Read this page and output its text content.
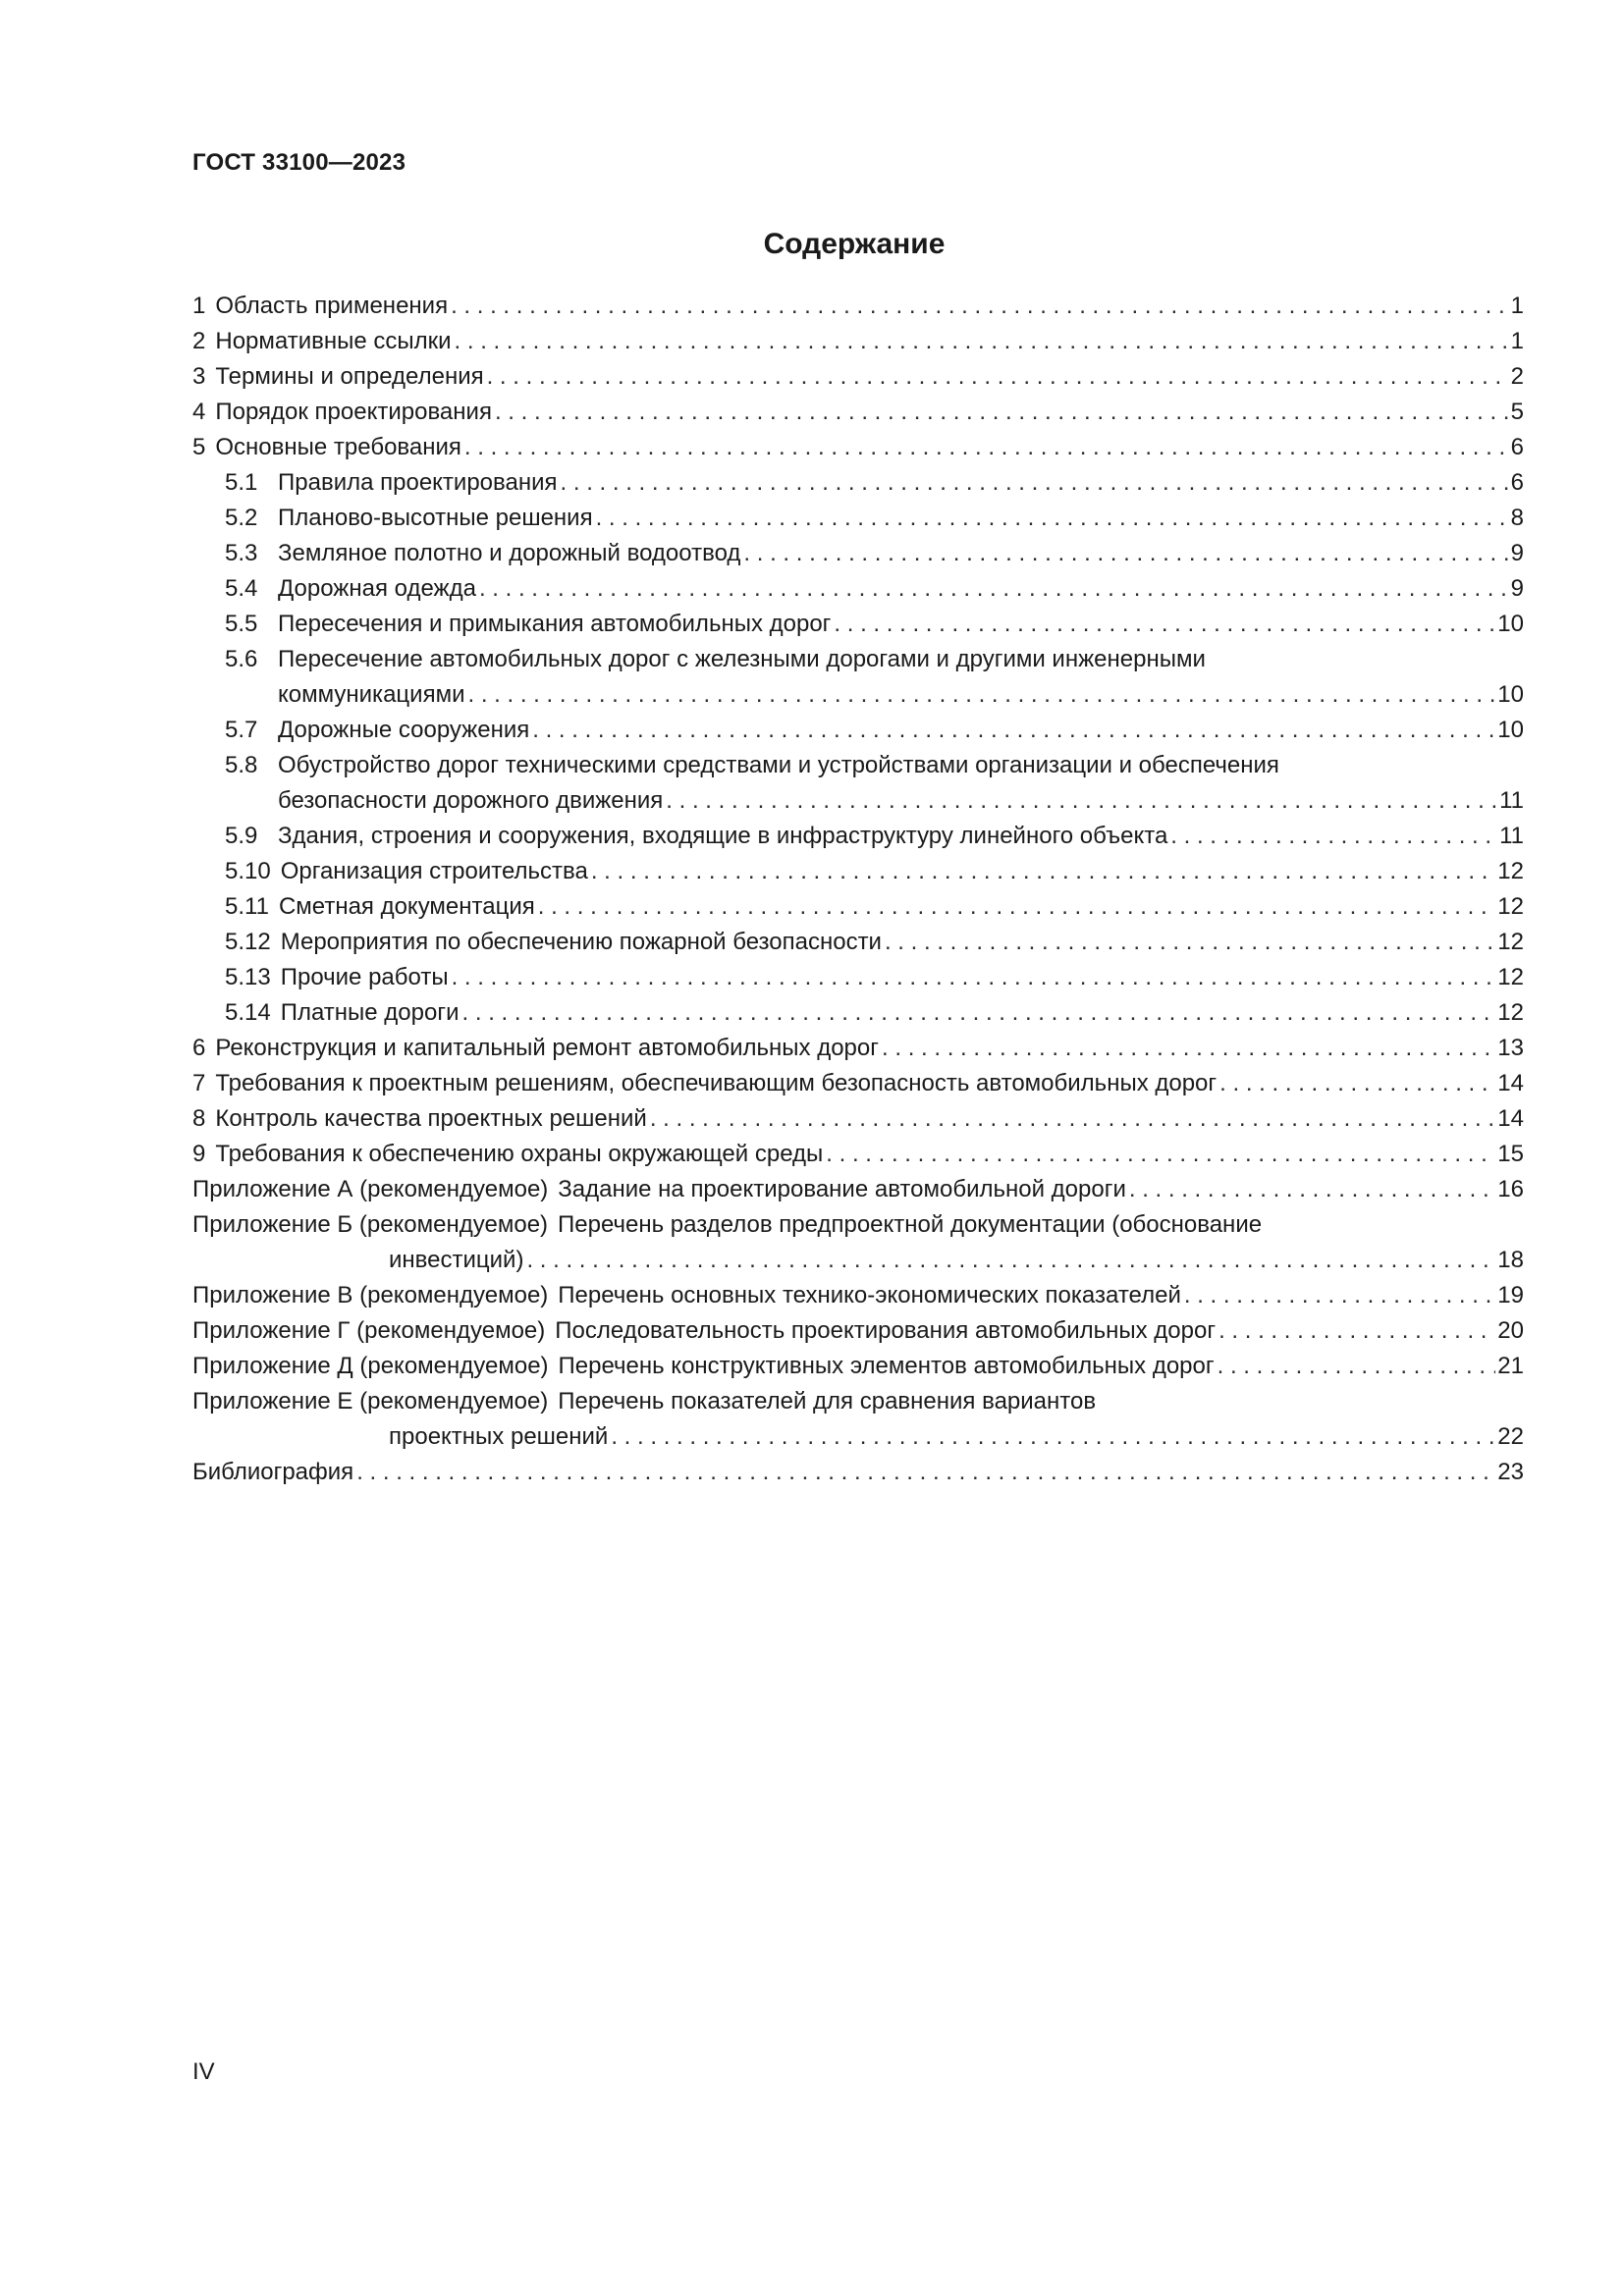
ГОСТ 33100—2023
Содержание
1 Область применения . . .	1
2 Нормативные ссылки . . .	1
3 Термины и определения . . .	2
4 Порядок проектирования . . .	5
5 Основные требования . . .	6
5.1 Правила проектирования . . .	6
5.2 Планово-высотные решения . . .	8
5.3 Земляное полотно и дорожный водоотвод . . .	9
5.4 Дорожная одежда . . .	9
5.5 Пересечения и примыкания автомобильных дорог . . .	10
5.6 Пересечение автомобильных дорог с железными дорогами и другими инженерными
коммуникациями . . .	10
5.7 Дорожные сооружения . . .	10
5.8 Обустройство дорог техническими средствами и устройствами организации и обеспечения
безопасности дорожного движения . . .	11
5.9 Здания, строения и сооружения, входящие в инфраструктуру линейного объекта . . .	11
5.10 Организация строительства . . .	12
5.11 Сметная документация . . .	12
5.12 Мероприятия по обеспечению пожарной безопасности . . .	12
5.13 Прочие работы . . .	12
5.14 Платные дороги . . .	12
6 Реконструкция и капитальный ремонт автомобильных дорог . . .	13
7 Требования к проектным решениям, обеспечивающим безопасность автомобильных дорог . . .	14
8 Контроль качества проектных решений . . .	14
9 Требования к обеспечению охраны окружающей среды . . .	15
Приложение А (рекомендуемое) Задание на проектирование автомобильной дороги . . .	16
Приложение Б (рекомендуемое) Перечень разделов предпроектной документации (обоснование
инвестиций) . . .	18
Приложение В (рекомендуемое) Перечень основных технико-экономических показателей . . .	19
Приложение Г (рекомендуемое) Последовательность проектирования автомобильных дорог . . .	20
Приложение Д (рекомендуемое) Перечень конструктивных элементов автомобильных дорог . . .	21
Приложение Е (рекомендуемое) Перечень показателей для сравнения вариантов
проектных решений . . .	22
Библиография . . .	23
IV
